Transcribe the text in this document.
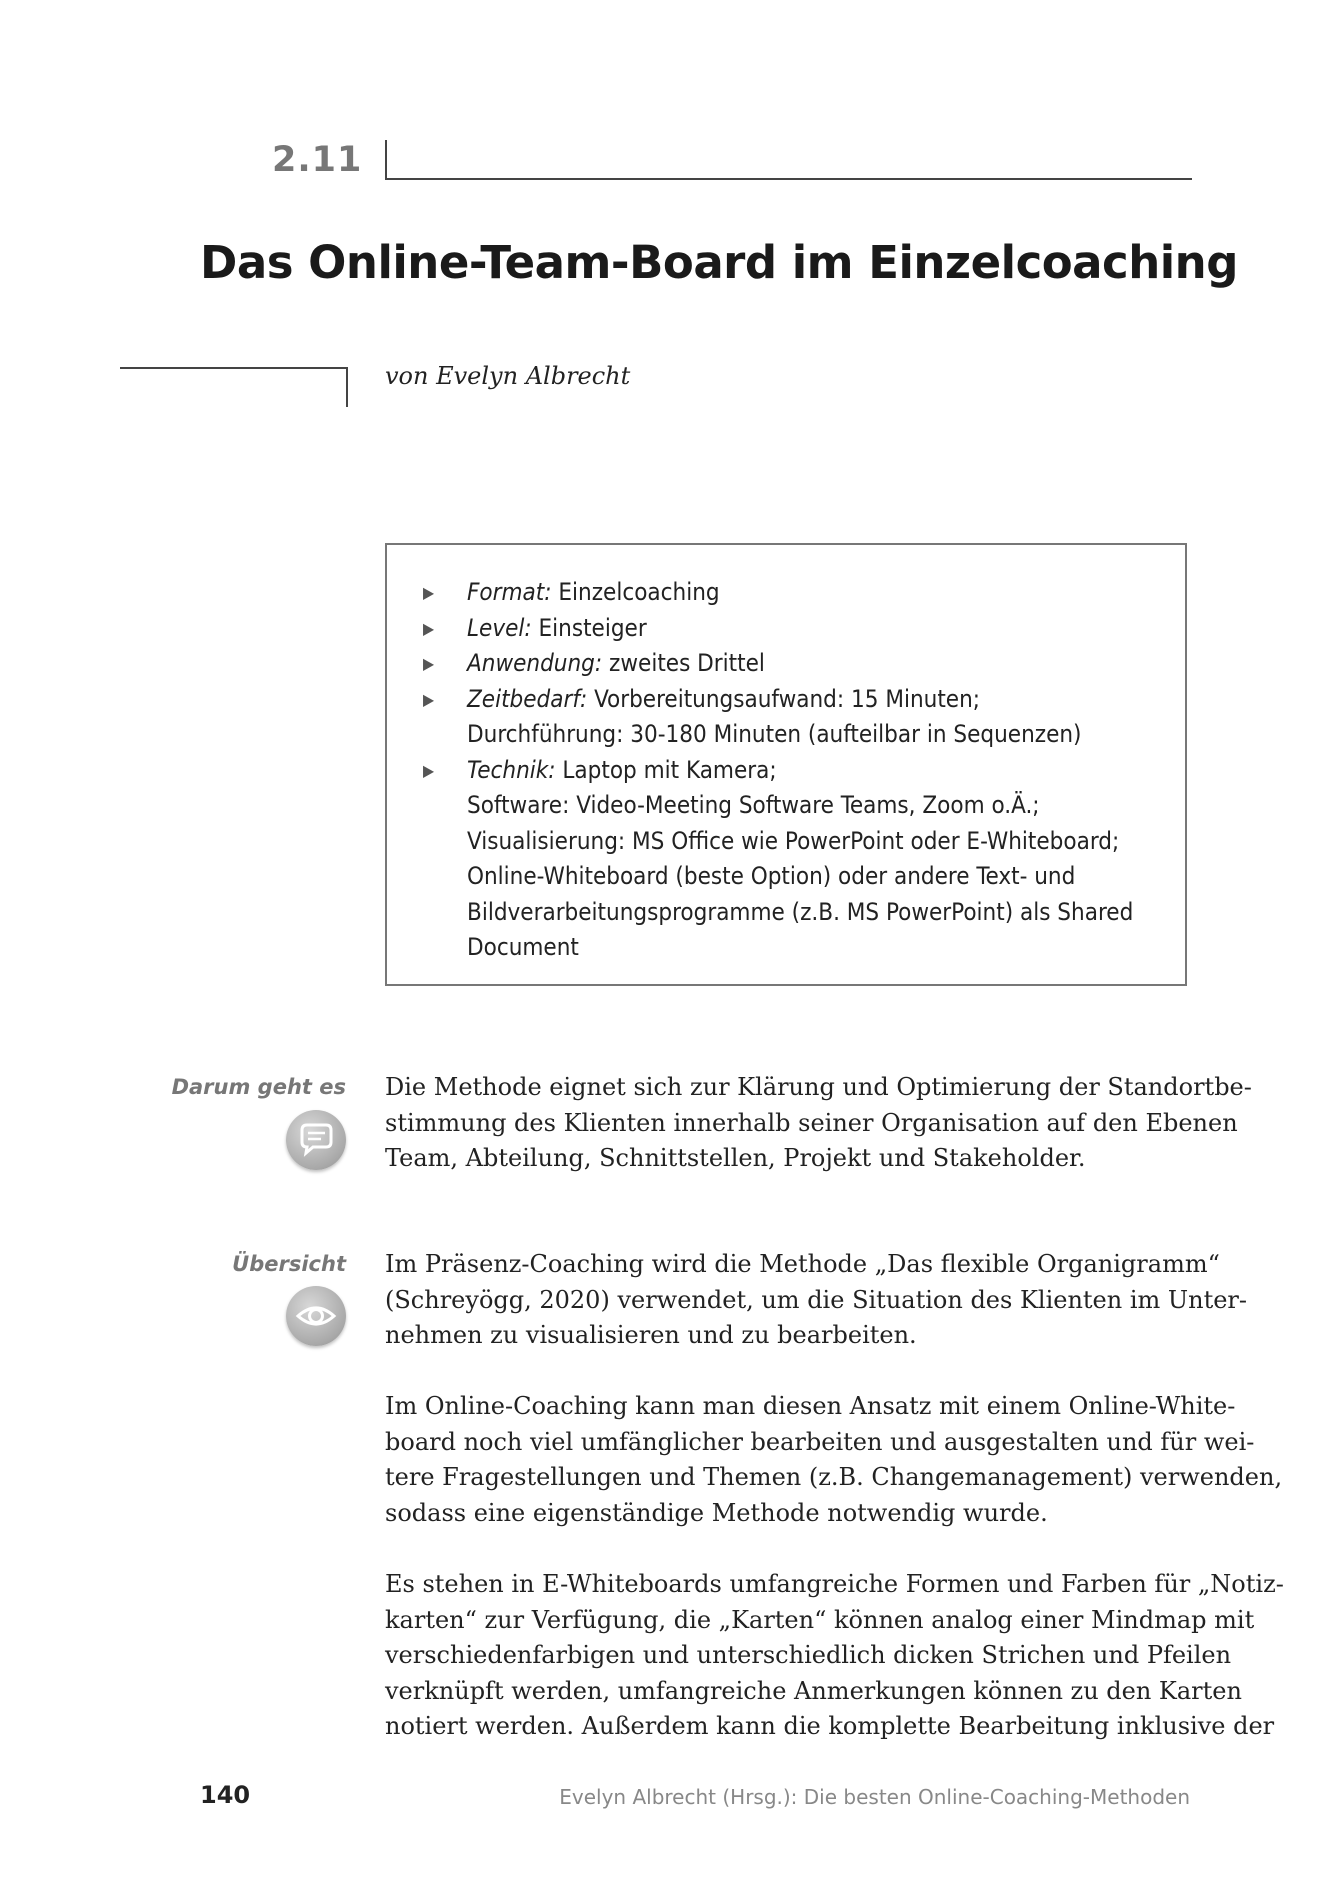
2.11
Das Online-Team-Board im Einzelcoaching
von Evelyn Albrecht
▶ Format: Einzelcoaching
▶ Level: Einsteiger
▶ Anwendung: zweites Drittel
▶ Zeitbedarf: Vorbereitungsaufwand: 15 Minuten;
Durchführung: 30-180 Minuten (aufteilbar in Sequenzen)
▶ Technik: Laptop mit Kamera;
Software: Video-Meeting Software Teams, Zoom o.Ä.;
Visualisierung: MS Office wie PowerPoint oder E-Whiteboard;
Online-Whiteboard (beste Option) oder andere Text- und
Bildverarbeitungsprogramme (z.B. MS PowerPoint) als Shared
Document
Darum geht es Die Methode eignet sich zur Klärung und Optimierung der Standortbe-
stimmung des Klienten innerhalb seiner Organisation auf den Ebenen
Team, Abteilung, Schnittstellen, Projekt und Stakeholder.
Übersicht Im Präsenz-Coaching wird die Methode „Das flexible Organigramm“
(Schreyögg, 2020) verwendet, um die Situation des Klienten im Unter-
nehmen zu visualisieren und zu bearbeiten.
Im Online-Coaching kann man diesen Ansatz mit einem Online-White-
board noch viel umfänglicher bearbeiten und ausgestalten und für wei-
tere Fragestellungen und Themen (z.B. Changemanagement) verwenden,
sodass eine eigenständige Methode notwendig wurde.
Es stehen in E-Whiteboards umfangreiche Formen und Farben für „Notiz-
karten“ zur Verfügung, die „Karten“ können analog einer Mindmap mit
verschiedenfarbigen und unterschiedlich dicken Strichen und Pfeilen
verknüpft werden, umfangreiche Anmerkungen können zu den Karten
notiert werden. Außerdem kann die komplette Bearbeitung inklusive der
140	Evelyn Albrecht (Hrsg.): Die besten Online-Coaching-Methoden
